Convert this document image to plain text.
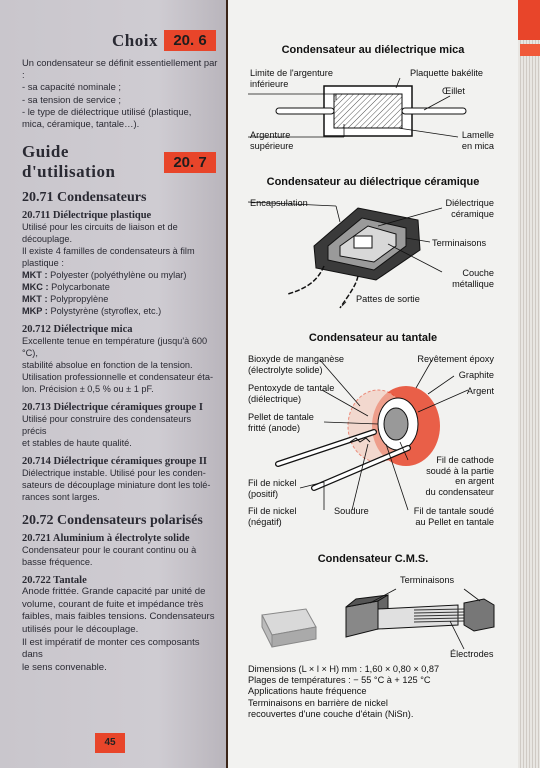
Choix	20. 6

Un condensateur se définit essentiellement par :

- sa capacité nominale ;

- sa tension de service ;

- le type de diélectrique utilisé (plastique,

mica, céramique, tantale…).

Guide d'utilisation	20. 7
20.71 Condensateurs
20.711 Diélectrique plastique
Utilisé pour les circuits de liaison et de découplage.
Il existe 4 familles de condensateurs à film plastique :
MKT : Polyester (polyéthylène ou mylar)
MKC : Polycarbonate
MKT : Polypropylène
MKP : Polystyrène (styroflex, etc.)
20.712 Diélectrique mica
Excellente tenue en température (jusqu'à 600 °C),
stabilité absolue en fonction de la tension.
Utilisation professionnelle et condensateur éta-
lon. Précision ± 0,5 % ou ± 1 pF.
20.713 Diélectrique céramiques groupe I
Utilisé pour construire des condensateurs précis
et stables de haute qualité.
20.714 Diélectrique céramiques groupe II
Diélectrique instable. Utilisé pour les conden-
sateurs de découplage miniature dont les tolé-
rances sont larges.
20.72 Condensateurs polarisés
20.721 Aluminium à électrolyte solide
Condensateur pour le courant continu ou à
basse fréquence.
20.722 Tantale
Anode frittée. Grande capacité par unité de
volume, courant de fuite et impédance très
faibles, mais faibles tensions. Condensateurs
utilisés pour le découplage.
Il est impératif de monter ces composants dans
le sens convenable.
45
Condensateur au diélectrique mica
Limite de l'argenture
inférieure
Plaquette bakélite
Œillet
Argenture
supérieure
Lamelle
en mica
Condensateur au diélectrique céramique
Encapsulation	Diélectrique
céramique
Terminaisons
Couche
métallique
Pattes de sortie
Condensateur au tantale
Bioxyde de manganèse
(électrolyte solide)
Pentoxyde de tantale
(diélectrique)
Pellet de tantale
fritté (anode)
Revêtement époxy
Graphite
Argent
Fil de cathode
soudé à la partie
en argent
du condensateur
Fil de nickel
(positif)
Fil de nickel
(négatif)
Soudure	Fil de tantale soudé
au Pellet en tantale
Condensateur C.M.S.
Terminaisons
Électrodes
Dimensions (L × l × H) mm : 1,60 × 0,80 × 0,87
Plages de températures : − 55 °C à + 125 °C
Applications haute fréquence
Terminaisons en barrière de nickel
recouvertes d'une couche d'étain (NiSn).
